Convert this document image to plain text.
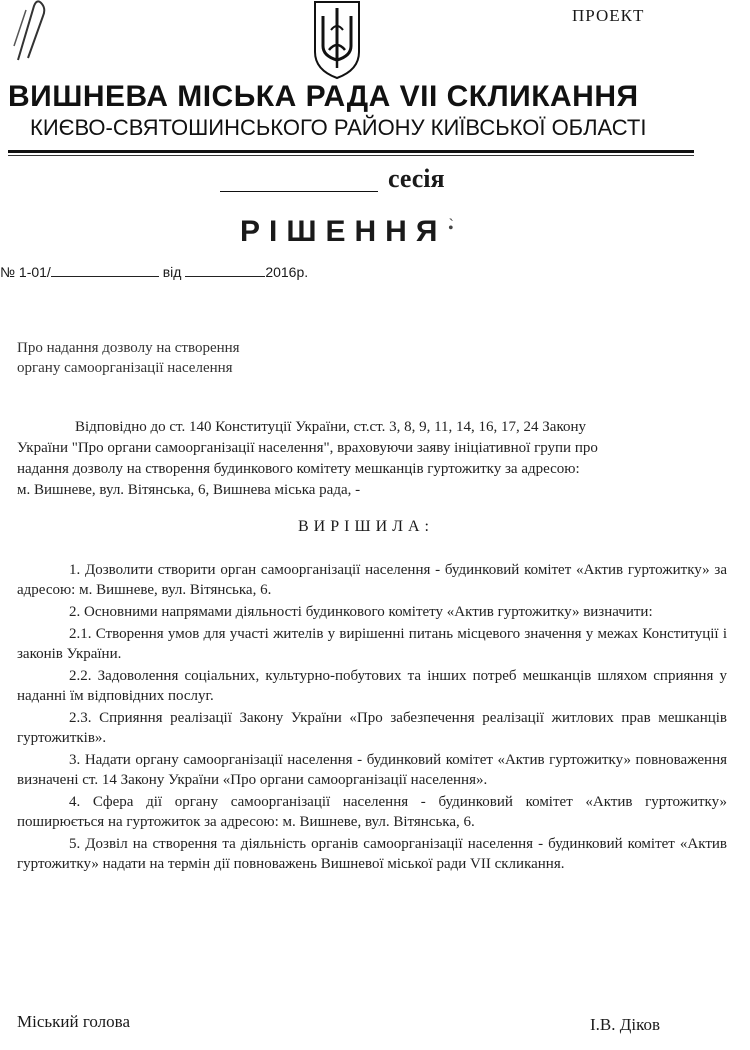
ПРОЕКТ
ВИШНЕВА МІСЬКА РАДА VII СКЛИКАННЯ
КИЄВО-СВЯТОШИНСЬКОГО РАЙОНУ КИЇВСЬКОЇ ОБЛАСТІ
сесія
РІШЕННЯ •̀
№ 1-01/	від	2016р.
Про надання дозволу на створення
органу самоорганізації населення
Відповідно до ст. 140 Конституції України, ст.ст. 3, 8, 9, 11, 14, 16, 17, 24 Закону
України "Про органи самоорганізації населення", враховуючи заяву ініціативної групи про
надання дозволу на створення будинкового комітету мешканців гуртожитку за адресою:
м. Вишневе, вул. Вітянська, 6, Вишнева міська рада, -
ВИРІШИЛА:

1. Дозволити створити орган самоорганізації населення - будинковий комітет «Актив гуртожитку» за адресою: м. Вишневе, вул. Вітянська, 6.

2. Основними напрямами діяльності будинкового комітету «Актив гуртожитку» визначити:

2.1. Створення умов для участі жителів у вирішенні питань місцевого значення у межах Конституції і законів України.

2.2. Задоволення соціальних, культурно-побутових та інших потреб мешканців шляхом сприяння у наданні їм відповідних послуг.

2.3. Сприяння реалізації Закону України «Про забезпечення реалізації житлових прав мешканців гуртожитків».

3. Надати органу самоорганізації населення - будинковий комітет «Актив гуртожитку» повноваження визначені ст. 14 Закону України «Про органи самоорганізації населення».

4. Сфера дії органу самоорганізації населення - будинковий комітет «Актив гуртожитку» поширюється на гуртожиток за адресою: м. Вишневе, вул. Вітянська, 6.

5. Дозвіл на створення та діяльність органів самоорганізації населення - будинковий комітет «Актив гуртожитку» надати на термін дії повноважень Вишневої міської ради VII скликання.

Міський голова	І.В. Діков
